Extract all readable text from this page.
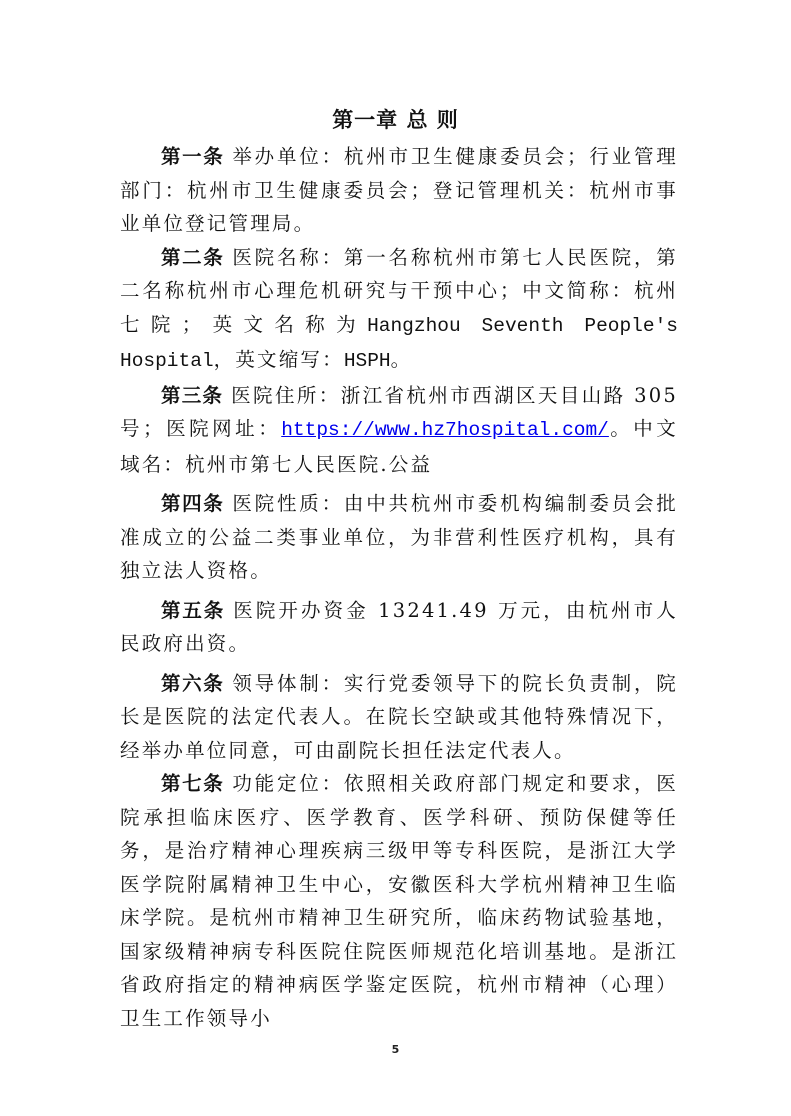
第一章 总 则

第一条 举办单位：杭州市卫生健康委员会；行业管理部门：杭州市卫生健康委员会；登记管理机关：杭州市事业单位登记管理局。

第二条 医院名称：第一名称杭州市第七人民医院，第二名称杭州市心理危机研究与干预中心；中文简称：杭州七院；英文名称为Hangzhou Seventh People's Hospital，英文缩写：HSPH。

第三条 医院住所：浙江省杭州市西湖区天目山路 305号；医院网址：https://www.hz7hospital.com/。中文域名：杭州市第七人民医院.公益

第四条 医院性质：由中共杭州市委机构编制委员会批准成立的公益二类事业单位，为非营利性医疗机构，具有独立法人资格。

第五条 医院开办资金 13241.49 万元，由杭州市人民政府出资。

第六条 领导体制：实行党委领导下的院长负责制，院长是医院的法定代表人。在院长空缺或其他特殊情况下，经举办单位同意，可由副院长担任法定代表人。

第七条 功能定位：依照相关政府部门规定和要求，医院承担临床医疗、医学教育、医学科研、预防保健等任务，是治疗精神心理疾病三级甲等专科医院，是浙江大学医学院附属精神卫生中心，安徽医科大学杭州精神卫生临床学院。是杭州市精神卫生研究所，临床药物试验基地，国家级精神病专科医院住院医师规范化培训基地。是浙江省政府指定的精神病医学鉴定医院，杭州市精神（心理）卫生工作领导小

5
